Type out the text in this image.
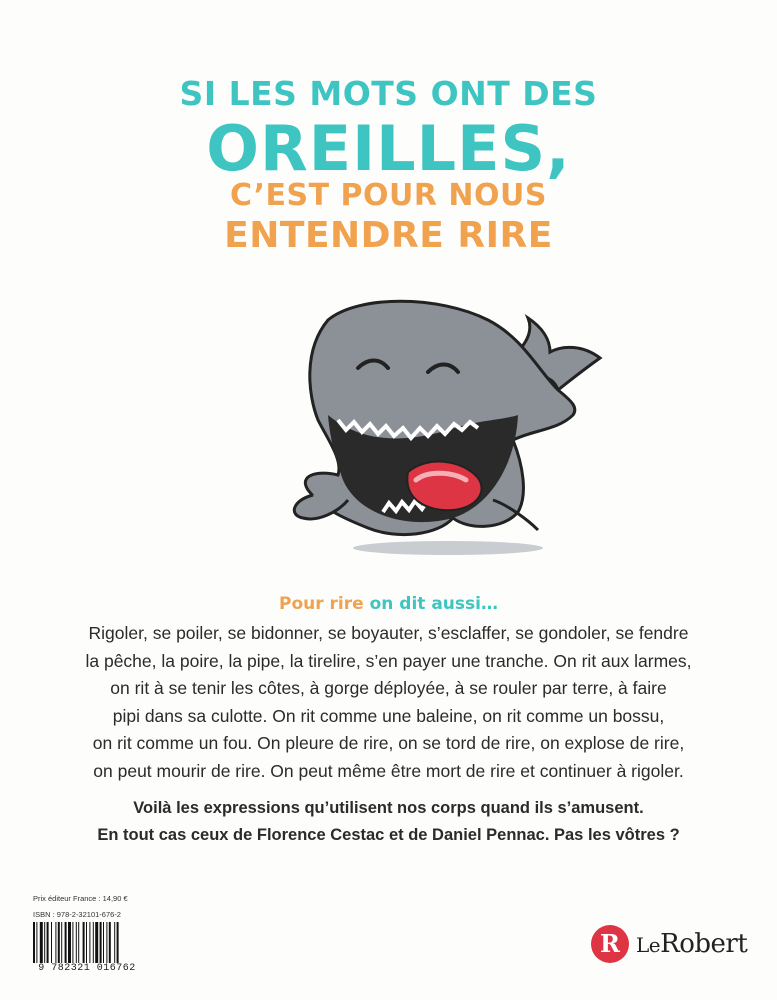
SI LES MOTS ONT DES
OREILLES,
C’EST POUR NOUS
ENTENDRE RIRE
Pour rire on dit aussi…
Rigoler, se poiler, se bidonner, se boyauter, s’esclaffer, se gondoler, se fendre
la pêche, la poire, la pipe, la tirelire, s’en payer une tranche. On rit aux larmes,
on rit à se tenir les côtes, à gorge déployée, à se rouler par terre, à faire
pipi dans sa culotte. On rit comme une baleine, on rit comme un bossu,
on rit comme un fou. On pleure de rire, on se tord de rire, on explose de rire,
on peut mourir de rire. On peut même être mort de rire et continuer à rigoler.
Voilà les expressions qu’utilisent nos corps quand ils s’amusent.
En tout cas ceux de Florence Cestac et de Daniel Pennac. Pas les vôtres ?
Prix éditeur France : 14,90 €
ISBN : 978-2-32101-676-2
9 782321 016762
R LeRobert
